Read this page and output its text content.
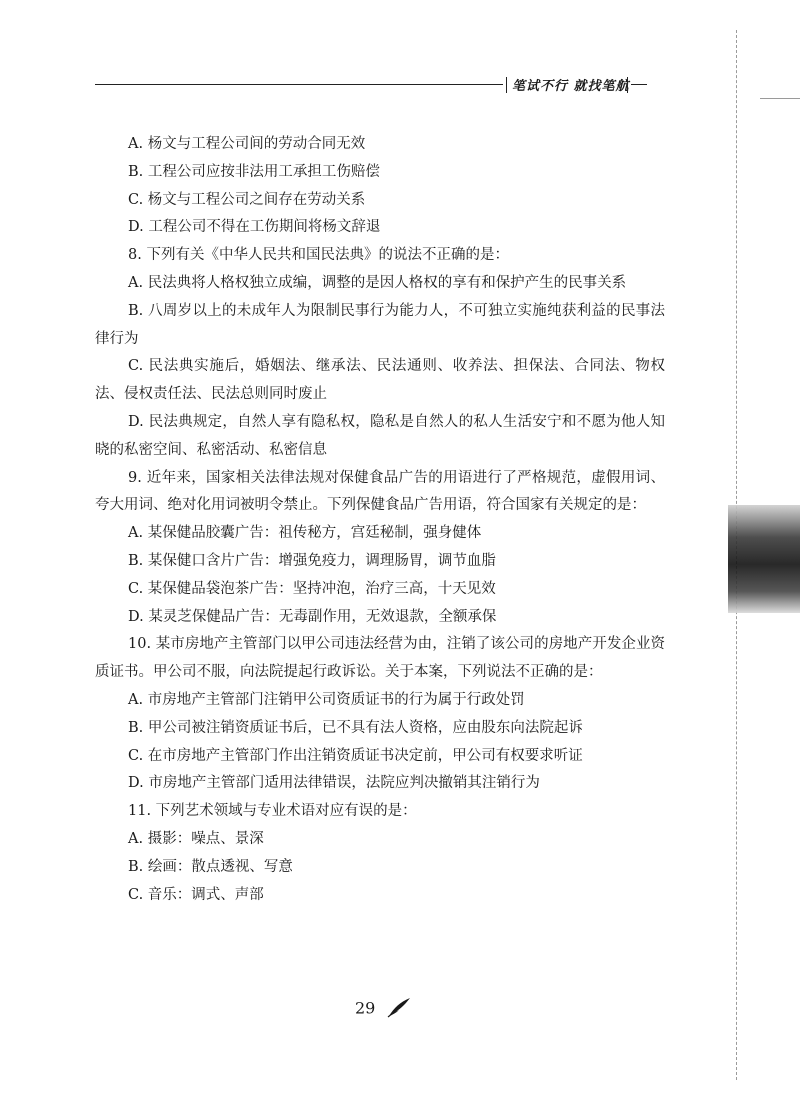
笔试不行 就找笔航

A. 杨文与工程公司间的劳动合同无效

B. 工程公司应按非法用工承担工伤赔偿

C. 杨文与工程公司之间存在劳动关系

D. 工程公司不得在工伤期间将杨文辞退

8. 下列有关《中华人民共和国民法典》的说法不正确的是：

A. 民法典将人格权独立成编，调整的是因人格权的享有和保护产生的民事关系

B. 八周岁以上的未成年人为限制民事行为能力人，不可独立实施纯获利益的民事法律行为

C. 民法典实施后，婚姻法、继承法、民法通则、收养法、担保法、合同法、物权法、侵权责任法、民法总则同时废止

D. 民法典规定，自然人享有隐私权，隐私是自然人的私人生活安宁和不愿为他人知晓的私密空间、私密活动、私密信息

9. 近年来，国家相关法律法规对保健食品广告的用语进行了严格规范，虚假用词、夸大用词、绝对化用词被明令禁止。下列保健食品广告用语，符合国家有关规定的是：

A. 某保健品胶囊广告：祖传秘方，宫廷秘制，强身健体

B. 某保健口含片广告：增强免疫力，调理肠胃，调节血脂

C. 某保健品袋泡茶广告：坚持冲泡，治疗三高，十天见效

D. 某灵芝保健品广告：无毒副作用，无效退款，全额承保

10. 某市房地产主管部门以甲公司违法经营为由，注销了该公司的房地产开发企业资质证书。甲公司不服，向法院提起行政诉讼。关于本案，下列说法不正确的是：

A. 市房地产主管部门注销甲公司资质证书的行为属于行政处罚

B. 甲公司被注销资质证书后，已不具有法人资格，应由股东向法院起诉

C. 在市房地产主管部门作出注销资质证书决定前，甲公司有权要求听证

D. 市房地产主管部门适用法律错误，法院应判决撤销其注销行为

11. 下列艺术领域与专业术语对应有误的是：

A. 摄影：噪点、景深

B. 绘画：散点透视、写意

C. 音乐：调式、声部

29
